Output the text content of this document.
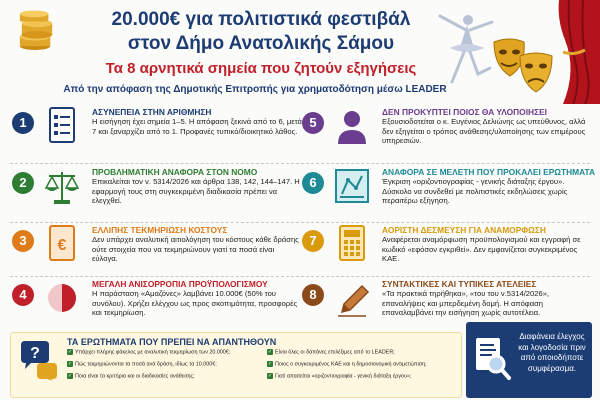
20.000€ για πολιτιστικά φεστιβάλ
στον Δήμο Ανατολικής Σάμου
Τα 8 αρνητικά σημεία που ζητούν εξηγήσεις
Από την απόφαση της Δημοτικής Επιτροπής για χρηματοδότηση μέσω LEADER
1
ΑΣΥΝΕΠΕΙΑ ΣΤΗΝ ΑΡΙΘΜΗΣΗ
Η εισήγηση έχει σημεία 1–5. Η απόφαση ξεκινά από το 6, μετά 7 και ξαναρχίζει από το 1. Προφανές τυπικό/διοικητικό λάθος.
5
ΔΕΝ ΠΡΟΚΥΠΤΕΙ ΠΟΙΟΣ ΘΑ ΥΛΟΠΟΙΗΣΕΙ
Εξουσιοδοτείται ο κ. Ευγένιος Δελιώνης ως υπεύθυνος, αλλά δεν εξηγείται ο τρόπος ανάθεσης/υλοποίησης των επιμέρους υπηρεσιών.
2
ΠΡΟΒΛΗΜΑΤΙΚΗ ΑΝΑΦΟΡΑ ΣΤΟΝ ΝΟΜΟ
Επικαλείται τον ν. 5314/2026 και άρθρα 138, 142, 144–147. Η εφαρμογή τους στη συγκεκριμένη διαδικασία πρέπει να ελεγχθεί.
6
ΑΝΑΦΟΡΑ ΣΕ ΜΕΛΕΤΗ ΠΟΥ ΠΡΟΚΑΛΕΙ ΕΡΩΤΗΜΑΤΑ
Έγκριση «οριζοντιογραφίας - γενικής διάταξης έργου». Δύσκολο να συνδεθεί με πολιτιστικές εκδηλώσεις χωρίς περαιτέρω εξήγηση.
3	€
ΕΛΛΙΠΗΣ ΤΕΚΜΗΡΙΩΣΗ ΚΟΣΤΟΥΣ
Δεν υπάρχει αναλυτική αιτιολόγηση του κόστους κάθε δράσης ούτε στοιχεία που να τεκμηριώνουν γιατί τα ποσά είναι εύλογα.
7
ΑΟΡΙΣΤΗ ΔΕΣΜΕΥΣΗ ΓΙΑ ΑΝΑΜΟΡΦΩΣΗ
Αναφέρεται αναμόρφωση προϋπολογισμού και εγγραφή σε κωδικό «εφόσον εγκριθεί». Δεν εμφανίζεται συγκεκριμένος ΚΑΕ.
4
ΜΕΓΑΛΗ ΑΝΙΣΟΡΡΟΠΙΑ ΠΡΟΫΠΟΛΟΓΙΣΜΟΥ
Η παράσταση «Αμαζόνες» λαμβάνει 10.000€ (50% του συνόλου). Χρήζει ελέγχου ως προς σκοπιμότητα, προσφορές και τεκμηρίωση.
8
ΣΥΝΤΑΚΤΙΚΕΣ ΚΑΙ ΤΥΠΙΚΕΣ ΑΤΕΛΕΙΕΣ
«Τα πρακτικά τηρήθηκα», «του του ν.5314/2026», επαναλήψεις και μπερδεμένη δομή. Η απόφαση επαναλαμβάνει την εισήγηση χωρίς αυτοτέλεια.
?
ΤΑ ΕΡΩΤΗΜΑΤΑ ΠΟΥ ΠΡΕΠΕΙ ΝΑ ΑΠΑΝΤΗΘΟΥΝ
✓ Υπάρχει πλήρης φάκελος με αναλυτική τεκμηρίωση των 20.000€;	✓ Είναι όλες οι δαπάνες επιλέξιμες από το LEADER;
✓ Πώς τεκμηριώνονται τα ποσά ανά δράση, ιδίως τα 10.000€;	✓ Ποιος ο συγκεκριμένος ΚΑΕ και η δημοσιονομική αντιμετώπιση;
✓ Ποια είναι τα κριτήρια και οι διαδικασίες ανάθεσης;	✓ Γιατί απαιτείται «οριζοντιογραφία - γενική διάταξη έργου»;
Διαφάνεια έλεγχος και λογοδοσία πριν από οποιοδήποτε συμφέρασμα.
